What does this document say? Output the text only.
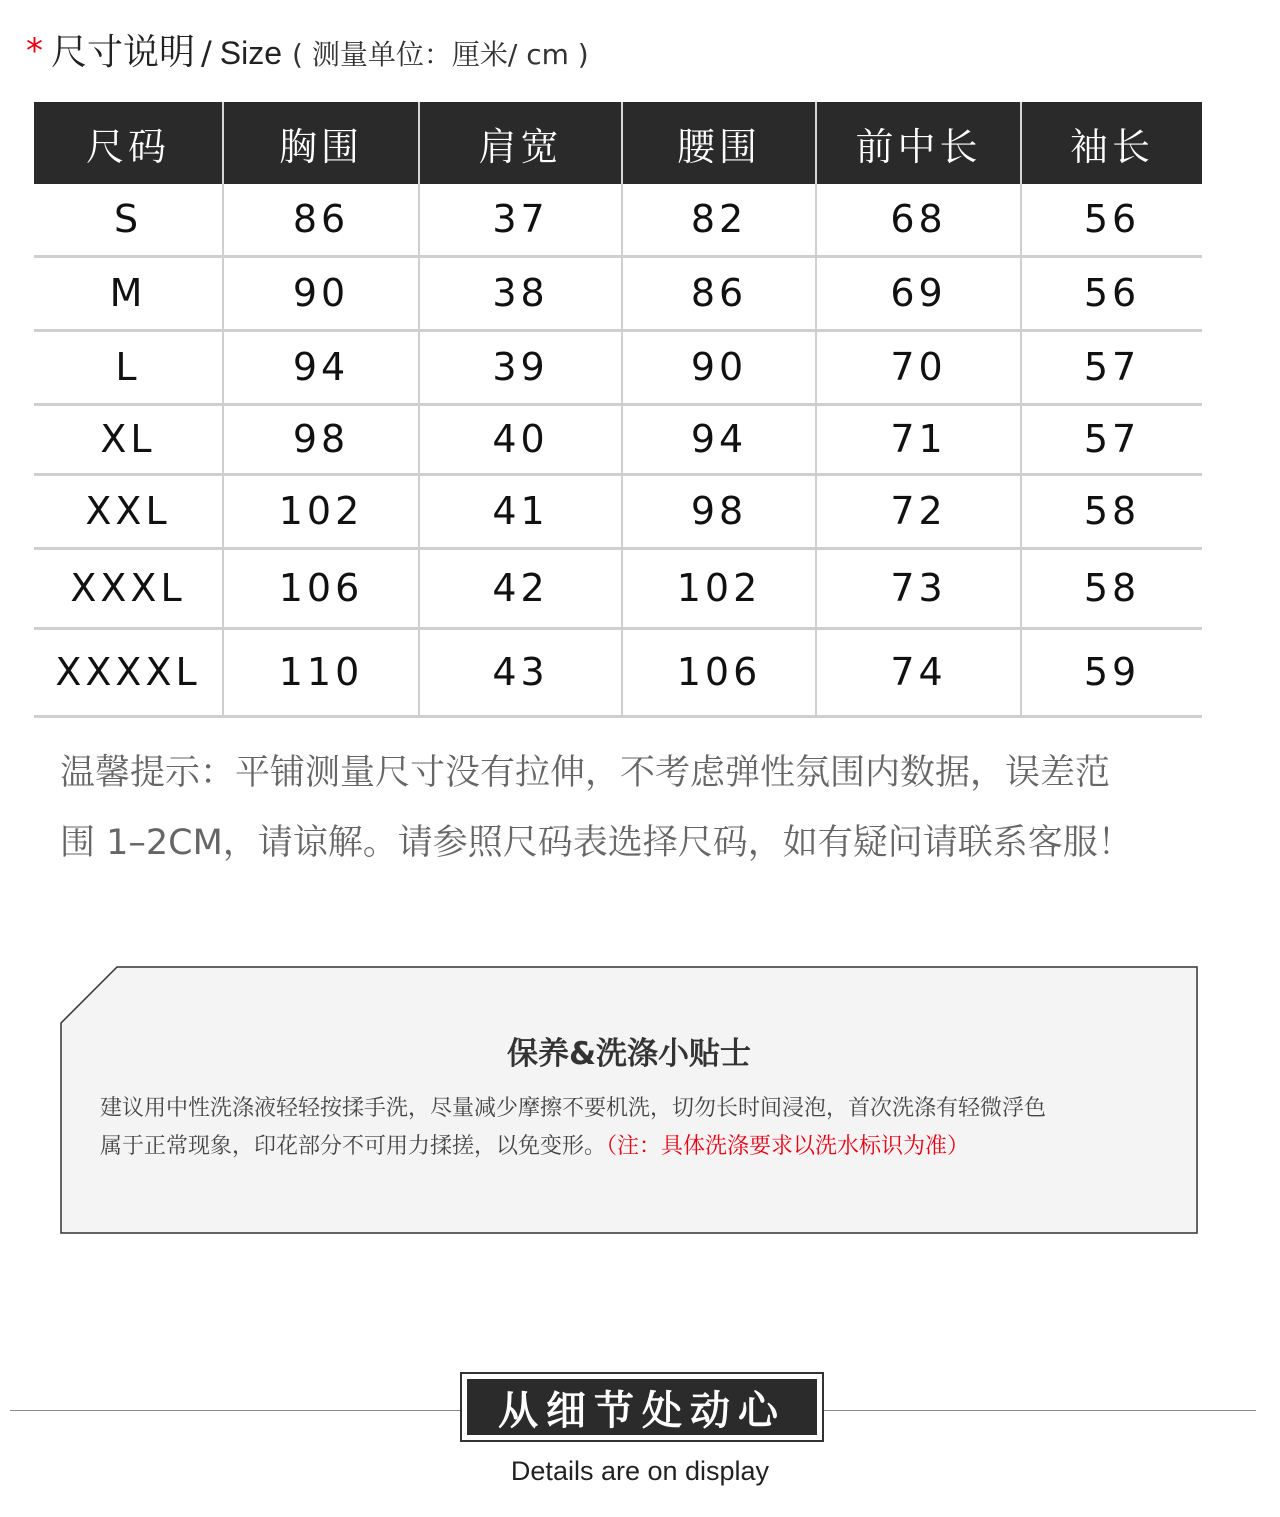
* 尺寸说明 / Size ( 测量单位：厘米/ cm )
尺码	胸围	肩宽	腰围	前中长	袖长
S	86	37	82	68	56
M	90	38	86	69	56
L	94	39	90	70	57
XL	98	40	94	71	57
XXL	102	41	98	72	58
XXXL	106	42	102	73	58
XXXXL	110	43	106	74	59
温馨提示：平铺测量尺寸没有拉伸，不考虑弹性氛围内数据，误差范
围 1–2CM，请谅解。请参照尺码表选择尺码，如有疑问请联系客服！
保养&洗涤小贴士
建议用中性洗涤液轻轻按揉手洗，尽量减少摩擦不要机洗，切勿长时间浸泡，首次洗涤有轻微浮色
属于正常现象，印花部分不可用力揉搓，以免变形。（注：具体洗涤要求以洗水标识为准）
从细节处动心
Details are on display
